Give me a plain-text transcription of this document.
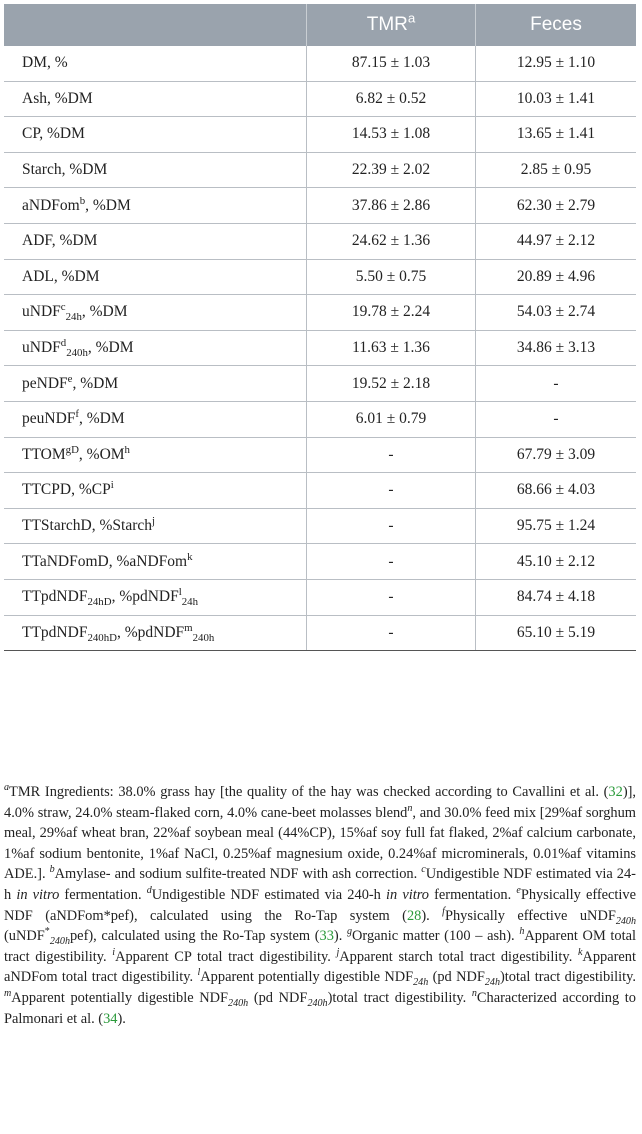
	TMR$^a$	Feces
DM, %	87.15 ± 1.03	12.95 ± 1.10
Ash, %DM	6.82 ± 0.52	10.03 ± 1.41
CP, %DM	14.53 ± 1.08	13.65 ± 1.41
Starch, %DM	22.39 ± 2.02	2.85 ± 0.95
aNDFom$^b$, %DM	37.86 ± 2.86	62.30 ± 2.79
ADF, %DM	24.62 ± 1.36	44.97 ± 2.12
ADL, %DM	5.50 ± 0.75	20.89 ± 4.96
uNDF$^c_{24h}$, %DM	19.78 ± 2.24	54.03 ± 2.74
uNDF$^d_{240h}$, %DM	11.63 ± 1.36	34.86 ± 3.13
peNDF$^e$, %DM	19.52 ± 2.18	-
peuNDF$^f$, %DM	6.01 ± 0.79	-
$TTOM^{gD}$, $\%OM^h$	-	67.79 ± 3.09
TTCPD, $\%CP^i$	-	68.66 ± 4.03
TTStarchD, %Starch$^j$	-	95.75 ± 1.24
TTaNDFomD, %aNDFom$^k$	-	45.10 ± 2.12
TTpdNDF$_{24hD}$, %pdNDF$^l_{24h}$	-	84.74 ± 4.18
TTpdNDF$_{240hD}$, %pdNDF$^m_{240h}$	-	65.10 ± 5.19
$^a$TMR Ingredients: 38.0% grass hay [the quality of the hay was checked according to Cavallini et al. (32)], 4.0% straw, 24.0% steam-flaked corn, 4.0% cane-beet molasses blend$^n$, and 30.0% feed mix [29%af sorghum meal, 29%af wheat bran, 22%af soybean meal (44%CP), 15%af soy full fat flaked, 2%af calcium carbonate, 1%af sodium bentonite, 1%af NaCl, 0.25%af magnesium oxide, 0.24%af microminerals, 0.01%af vitamins ADE.]. $^b$Amylase- and sodium sulfite-treated NDF with ash correction. $^c$Undigestible NDF estimated via 24-h in vitro fermentation. $^d$Undigestible NDF estimated via 240-h in vitro fermentation. $^e$Physically effective NDF (aNDFom*pef), calculated using the Ro-Tap system (28). $^f$Physically effective uNDF$_{240h}$ (uNDF*$_{240h}$pef), calculated using the Ro-Tap system (33). $^g$Organic matter (100 – ash). $^h$Apparent OM total tract digestibility. $^i$Apparent CP total tract digestibility. $^j$Apparent starch total tract digestibility. $^k$Apparent aNDFom total tract digestibility. $^l$Apparent potentially digestible $NDF_{24h}$ (pd $NDF_{24h})total$ tract digestibility. $^m$Apparent potentially digestible $NDF_{240h}$ (pd $NDF_{240h})total$ tract digestibility. $^n$Characterized according to Palmonari et al. (34).
